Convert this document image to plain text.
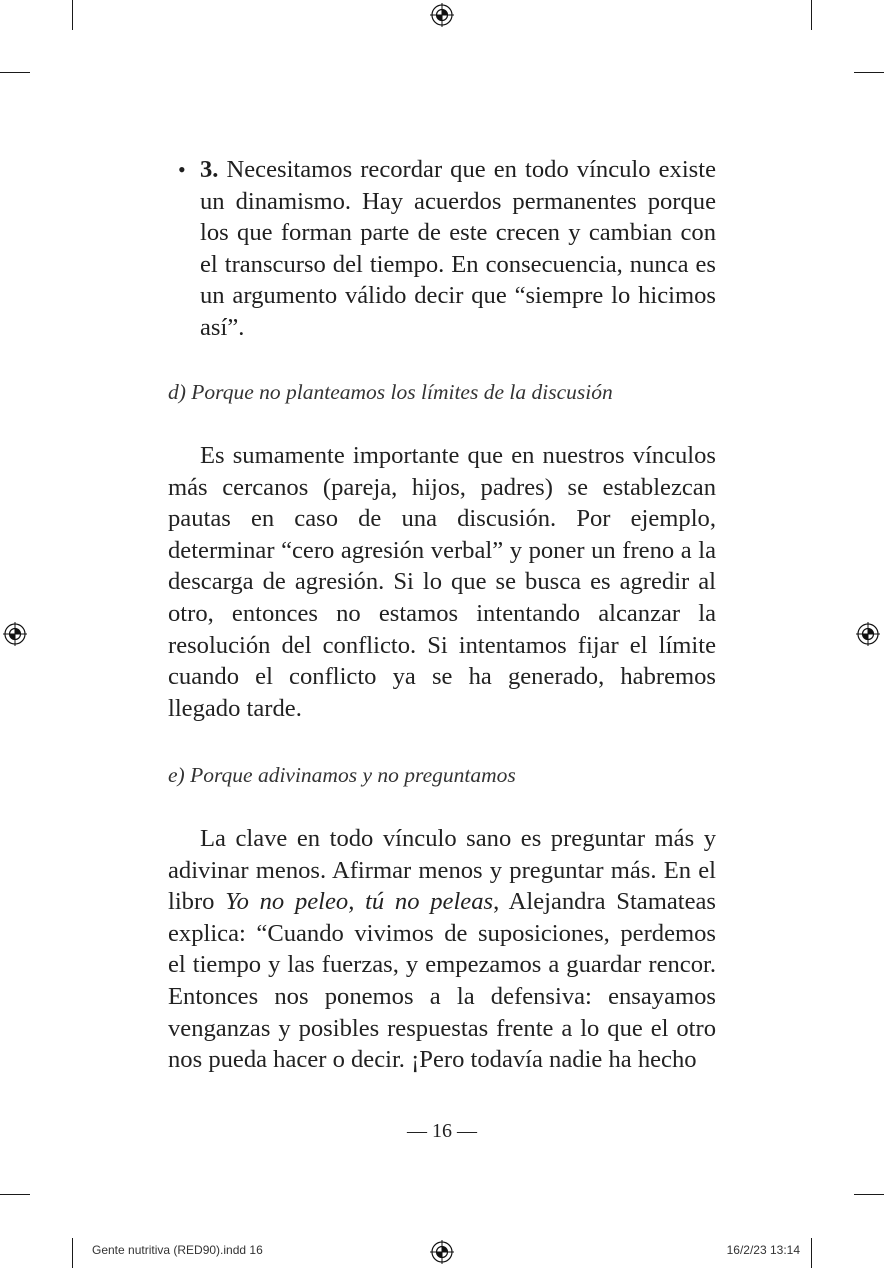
• 3. Necesitamos recordar que en todo vínculo existe un dinamismo. Hay acuerdos permanentes porque los que forman parte de este crecen y cambian con el transcurso del tiempo. En consecuencia, nunca es un argumento válido decir que “siempre lo hicimos así”.
d) Porque no planteamos los límites de la discusión
Es sumamente importante que en nuestros vínculos más cercanos (pareja, hijos, padres) se establezcan pautas en caso de una discusión. Por ejemplo, determinar “cero agresión verbal” y poner un freno a la descarga de agresión. Si lo que se busca es agredir al otro, entonces no estamos intentando alcanzar la resolución del conflicto. Si intentamos fijar el límite cuando el conflicto ya se ha generado, habremos llegado tarde.
e) Porque adivinamos y no preguntamos
La clave en todo vínculo sano es preguntar más y adivinar menos. Afirmar menos y preguntar más. En el libro Yo no peleo, tú no peleas, Alejandra Stamateas explica: “Cuando vivimos de suposiciones, perdemos el tiempo y las fuerzas, y empezamos a guardar rencor. Entonces nos ponemos a la defensiva: ensayamos venganzas y posibles respuestas frente a lo que el otro nos pueda hacer o decir. ¡Pero todavía nadie ha hecho
— 16 —
Gente nutritiva (RED90).indd 16	16/2/23 13:14
